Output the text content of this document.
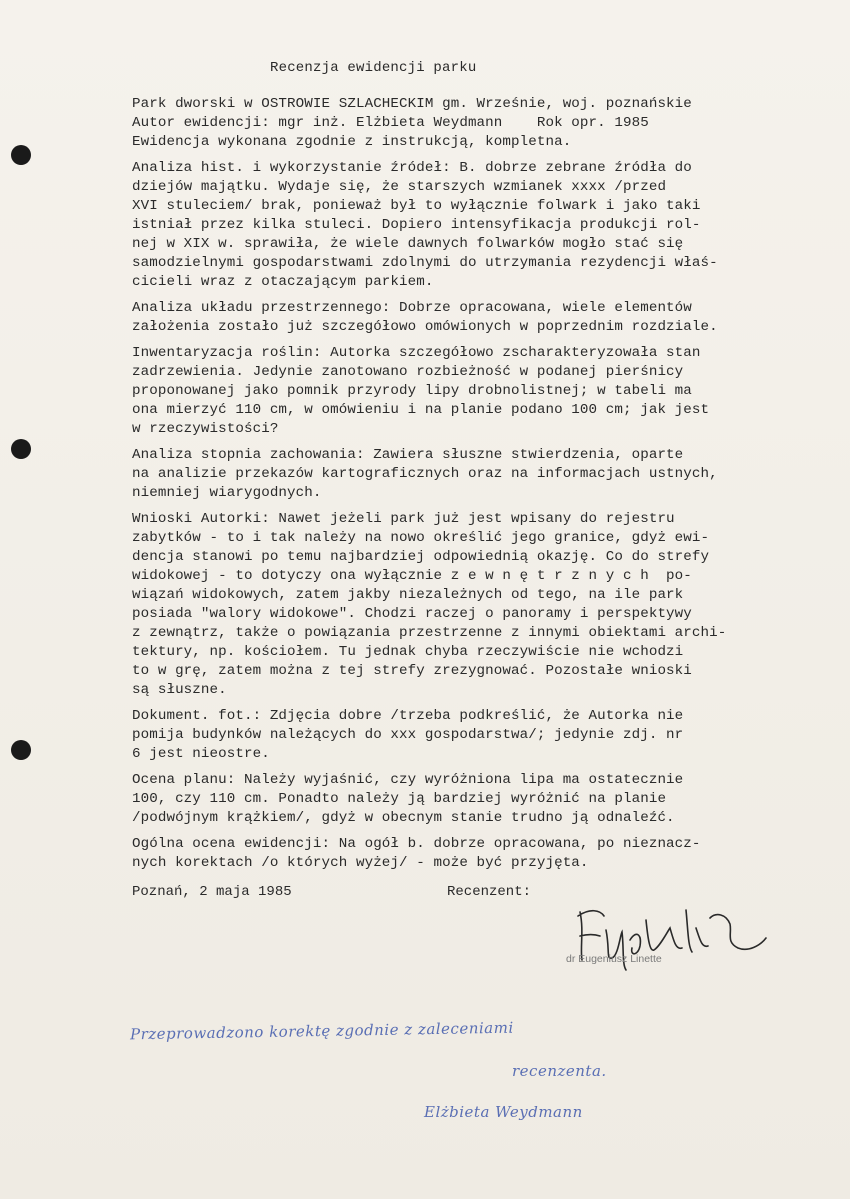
Recenzja ewidencji parku
Park dworski w OSTROWIE SZLACHECKIM gm. Wrześnie, woj. poznańskie
Autor ewidencji: mgr inż. Elżbieta Weydmann    Rok opr. 1985
Ewidencja wykonana zgodnie z instrukcją, kompletna.
Analiza hist. i wykorzystanie źródeł: B. dobrze zebrane źródła do
dziejów majątku. Wydaje się, że starszych wzmianek xxxx /przed
XVI stuleciem/ brak, ponieważ był to wyłącznie folwark i jako taki
istniał przez kilka stuleci. Dopiero intensyfikacja produkcji rol-
nej w XIX w. sprawiła, że wiele dawnych folwarków mogło stać się
samodzielnymi gospodarstwami zdolnymi do utrzymania rezydencji właś-
cicieli wraz z otaczającym parkiem.
Analiza układu przestrzennego: Dobrze opracowana, wiele elementów
założenia zostało już szczegółowo omówionych w poprzednim rozdziale.
Inwentaryzacja roślin: Autorka szczegółowo zscharakteryzowała stan
zadrzewienia. Jedynie zanotowano rozbieżność w podanej pierśnicy
proponowanej jako pomnik przyrody lipy drobnolistnej; w tabeli ma
ona mierzyć 110 cm, w omówieniu i na planie podano 100 cm; jak jest
w rzeczywistości?
Analiza stopnia zachowania: Zawiera słuszne stwierdzenia, oparte
na analizie przekazów kartograficznych oraz na informacjach ustnych,
niemniej wiarygodnych.
Wnioski Autorki: Nawet jeżeli park już jest wpisany do rejestru
zabytków - to i tak należy na nowo określić jego granice, gdyż ewi-
dencja stanowi po temu najbardziej odpowiednią okazję. Co do strefy
widokowej - to dotyczy ona wyłącznie z e w n ę t r z n y c h  po-
wiązań widokowych, zatem jakby niezależnych od tego, na ile park
posiada "walory widokowe". Chodzi raczej o panoramy i perspektywy
z zewnątrz, także o powiązania przestrzenne z innymi obiektami archi-
tektury, np. kościołem. Tu jednak chyba rzeczywiście nie wchodzi
to w grę, zatem można z tej strefy zrezygnować. Pozostałe wnioski
są słuszne.
Dokument. fot.: Zdjęcia dobre /trzeba podkreślić, że Autorka nie
pomija budynków należących do xxx gospodarstwa/; jedynie zdj. nr
6 jest nieostre.
Ocena planu: Należy wyjaśnić, czy wyróżniona lipa ma ostatecznie
100, czy 110 cm. Ponadto należy ją bardziej wyróżnić na planie
/podwójnym krążkiem/, gdyż w obecnym stanie trudno ją odnaleźć.
Ogólna ocena ewidencji: Na ogół b. dobrze opracowana, po nieznacz-
nych korektach /o których wyżej/ - może być przyjęta.
Poznań, 2 maja 1985	Recenzent:
dr Eugeniusz Linette
Przeprowadzono korektę zgodnie z zaleceniami
recenzenta.
Elżbieta Weydmann
